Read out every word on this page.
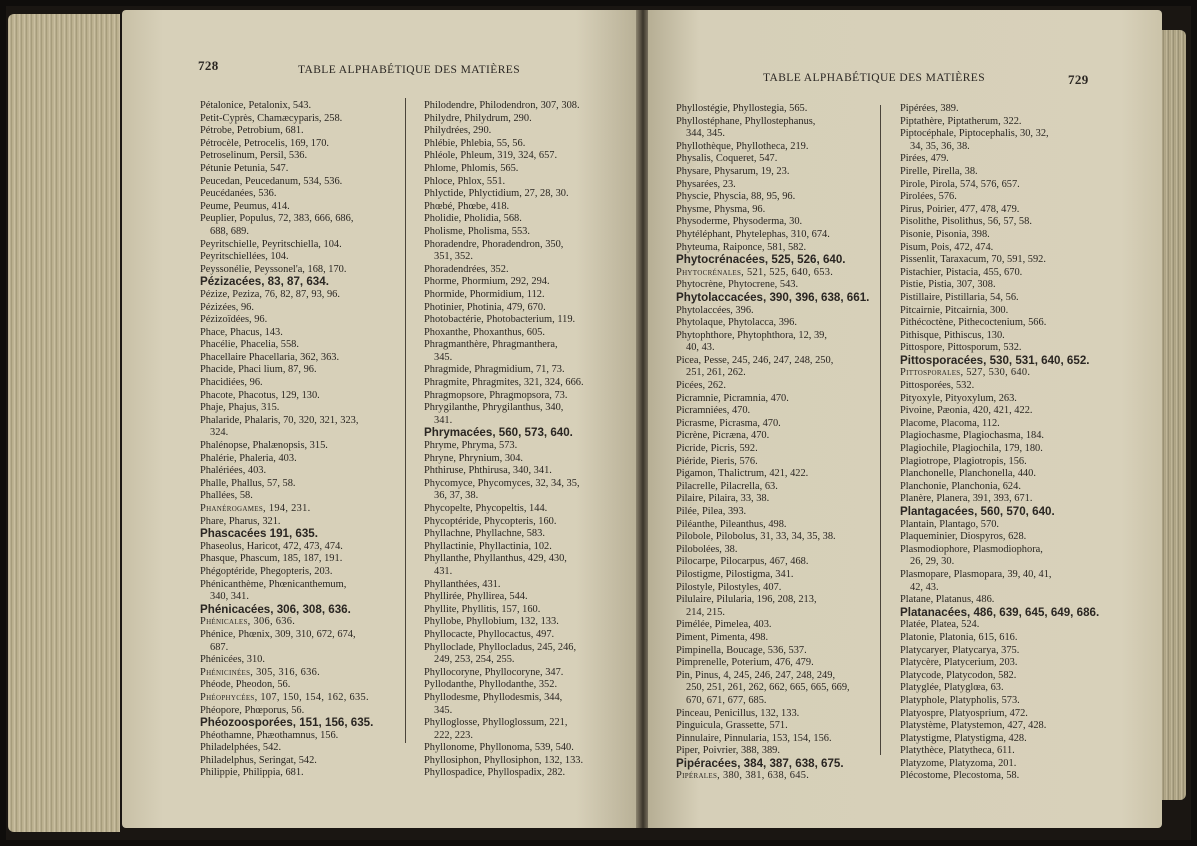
728	TABLE ALPHABÉTIQUE DES MATIÈRES

Pétalonice, Petalonix, 543.

Petit-Cyprès, Chamæcyparis, 258.

Pétrobe, Petrobium, 681.

Pétrocèle, Petrocelis, 169, 170.

Petroselinum, Persil, 536.

Pétunie Petunia, 547.

Peucedan, Peucedanum, 534, 536.

Peucédanées, 536.

Peume, Peumus, 414.

Peuplier, Populus, 72, 383, 666, 686,

688, 689.

Peyritschielle, Peyritschiella, 104.

Peyritschiellées, 104.

Peyssonélie, Peyssonel'a, 168, 170.

Pézizacées, 83, 87, 634.

Pézize, Peziza, 76, 82, 87, 93, 96.

Pézizées, 96.

Pézizoïdées, 96.

Phace, Phacus, 143.

Phacélie, Phacelia, 558.

Phacellaire Phacellaria, 362, 363.

Phacide, Phaci lium, 87, 96.

Phacidiées, 96.

Phacote, Phacotus, 129, 130.

Phaje, Phajus, 315.

Phalaride, Phalaris, 70, 320, 321, 323,

324.

Phalénopse, Phalænopsis, 315.

Phalérie, Phaleria, 403.

Phalériées, 403.

Phalle, Phallus, 57, 58.

Phallées, 58.

Phanérogames, 194, 231.

Phare, Pharus, 321.

Phascacées 191, 635.

Phaseolus, Haricot, 472, 473, 474.

Phasque, Phascum, 185, 187, 191.

Phégoptéride, Phegopteris, 203.

Phénicanthème, Phœnicanthemum,

340, 341.

Phénicacées, 306, 308, 636.

Phénicales, 306, 636.

Phénice, Phœnix, 309, 310, 672, 674,

687.

Phénicées, 310.

Phénicinées, 305, 316, 636.

Phéode, Pheodon, 56.

Phéophycées, 107, 150, 154, 162, 635.

Phéopore, Phœporus, 56.

Phéozoosporées, 151, 156, 635.

Phéothamne, Phæothamnus, 156.

Philadelphées, 542.

Philadelphus, Seringat, 542.

Philippie, Philippia, 681.

Philodendre, Philodendron, 307, 308.

Philydre, Philydrum, 290.

Philydrées, 290.

Phlébie, Phlebia, 55, 56.

Phléole, Phleum, 319, 324, 657.

Phlome, Phlomis, 565.

Phloce, Phlox, 551.

Phlyctide, Phlyctidium, 27, 28, 30.

Phœbé, Phœbe, 418.

Pholidie, Pholidia, 568.

Pholisme, Pholisma, 553.

Phoradendre, Phoradendron, 350,

351, 352.

Phoradendrées, 352.

Phorme, Phormium, 292, 294.

Phormide, Phormidium, 112.

Photinier, Photinia, 479, 670.

Photobactérie, Photobacterium, 119.

Phoxanthe, Phoxanthus, 605.

Phragmanthère, Phragmanthera,

345.

Phragmide, Phragmidium, 71, 73.

Phragmite, Phragmites, 321, 324, 666.

Phragmopsore, Phragmopsora, 73.

Phrygilanthe, Phrygilanthus, 340,

341.

Phrymacées, 560, 573, 640.

Phryme, Phryma, 573.

Phryne, Phrynium, 304.

Phthiruse, Phthirusa, 340, 341.

Phycomyce, Phycomyces, 32, 34, 35,

36, 37, 38.

Phycopelte, Phycopeltis, 144.

Phycoptéride, Phycopteris, 160.

Phyllachne, Phyllachne, 583.

Phyllactinie, Phyllactinia, 102.

Phyllanthe, Phyllanthus, 429, 430,

431.

Phyllanthées, 431.

Phyllirée, Phyllirea, 544.

Phyllite, Phyllitis, 157, 160.

Phyllobe, Phyllobium, 132, 133.

Phyllocacte, Phyllocactus, 497.

Phylloclade, Phyllocladus, 245, 246,

249, 253, 254, 255.

Phyllocoryne, Phyllocoryne, 347.

Pyllodanthe, Phyllodanthe, 352.

Phyllodesme, Phyllodesmis, 344,

345.

Phylloglosse, Phylloglossum, 221,

222, 223.

Phyllonome, Phyllonoma, 539, 540.

Phyllosiphon, Phyllosiphon, 132, 133.

Phyllospadice, Phyllospadix, 282.

TABLE ALPHABÉTIQUE DES MATIÈRES	729

Phyllostégie, Phyllostegia, 565.

Phyllostéphane, Phyllostephanus,

344, 345.

Phyllothèque, Phyllotheca, 219.

Physalis, Coqueret, 547.

Physare, Physarum, 19, 23.

Physarées, 23.

Physcie, Physcia, 88, 95, 96.

Physme, Physma, 96.

Physoderme, Physoderma, 30.

Phytéléphant, Phytelephas, 310, 674.

Phyteuma, Raiponce, 581, 582.

Phytocrénacées, 525, 526, 640.

Phytocrénales, 521, 525, 640, 653.

Phytocrène, Phytocrene, 543.

Phytolaccacées, 390, 396, 638, 661.

Phytolaccées, 396.

Phytolaque, Phytolacca, 396.

Phytophthore, Phytophthora, 12, 39,

40, 43.

Picea, Pesse, 245, 246, 247, 248, 250,

251, 261, 262.

Picées, 262.

Picramnie, Picramnia, 470.

Picramniées, 470.

Picrasme, Picrasma, 470.

Picrène, Picræna, 470.

Picride, Picris, 592.

Piéride, Pieris, 576.

Pigamon, Thalictrum, 421, 422.

Pilacrelle, Pilacrella, 63.

Pilaire, Pilaira, 33, 38.

Pilée, Pilea, 393.

Piléanthe, Pileanthus, 498.

Pilobole, Pilobolus, 31, 33, 34, 35, 38.

Pilobolées, 38.

Pilocarpe, Pilocarpus, 467, 468.

Pilostigme, Pilostigma, 341.

Pilostyle, Pilostyles, 407.

Pilulaire, Pilularia, 196, 208, 213,

214, 215.

Pimélée, Pimelea, 403.

Piment, Pimenta, 498.

Pimpinella, Boucage, 536, 537.

Pimprenelle, Poterium, 476, 479.

Pin, Pinus, 4, 245, 246, 247, 248, 249,

250, 251, 261, 262, 662, 665, 665, 669,

670, 671, 677, 685.

Pinceau, Penicillus, 132, 133.

Pinguicula, Grassette, 571.

Pinnulaire, Pinnularia, 153, 154, 156.

Piper, Poivrier, 388, 389.

Pipéracées, 384, 387, 638, 675.

Pipérales, 380, 381, 638, 645.

Pipérées, 389.

Piptathère, Piptatherum, 322.

Piptocéphale, Piptocephalis, 30, 32,

34, 35, 36, 38.

Pirées, 479.

Pirelle, Pirella, 38.

Pirole, Pirola, 574, 576, 657.

Pirolées, 576.

Pirus, Poirier, 477, 478, 479.

Pisolithe, Pisolithus, 56, 57, 58.

Pisonie, Pisonia, 398.

Pisum, Pois, 472, 474.

Pissenlit, Taraxacum, 70, 591, 592.

Pistachier, Pistacia, 455, 670.

Pistie, Pistia, 307, 308.

Pistillaire, Pistillaria, 54, 56.

Pitcairnie, Pitcairnia, 300.

Pithécoctène, Pithecoctenium, 566.

Pithisque, Pithiscus, 130.

Pittospore, Pittosporum, 532.

Pittosporacées, 530, 531, 640, 652.

Pittosporales, 527, 530, 640.

Pittosporées, 532.

Pityoxyle, Pityoxylum, 263.

Pivoine, Pæonia, 420, 421, 422.

Placome, Placoma, 112.

Plagiochasme, Plagiochasma, 184.

Plagiochile, Plagiochila, 179, 180.

Plagiotrope, Plagiotropis, 156.

Planchonelle, Planchonella, 440.

Planchonie, Planchonia, 624.

Planère, Planera, 391, 393, 671.

Plantagacées, 560, 570, 640.

Plantain, Plantago, 570.

Plaqueminier, Diospyros, 628.

Plasmodiophore, Plasmodiophora,

26, 29, 30.

Plasmopare, Plasmopara, 39, 40, 41,

42, 43.

Platane, Platanus, 486.

Platanacées, 486, 639, 645, 649, 686.

Platée, Platea, 524.

Platonie, Platonia, 615, 616.

Platycaryer, Platycarya, 375.

Platycère, Platycerium, 203.

Platycode, Platycodon, 582.

Platyglée, Platyglœa, 63.

Platyphole, Platypholis, 573.

Platyospre, Platyosprium, 472.

Platystème, Platystemon, 427, 428.

Platystigme, Platystigma, 428.

Platythèce, Platytheca, 611.

Platyzome, Platyzoma, 201.

Plécostome, Plecostoma, 58.
